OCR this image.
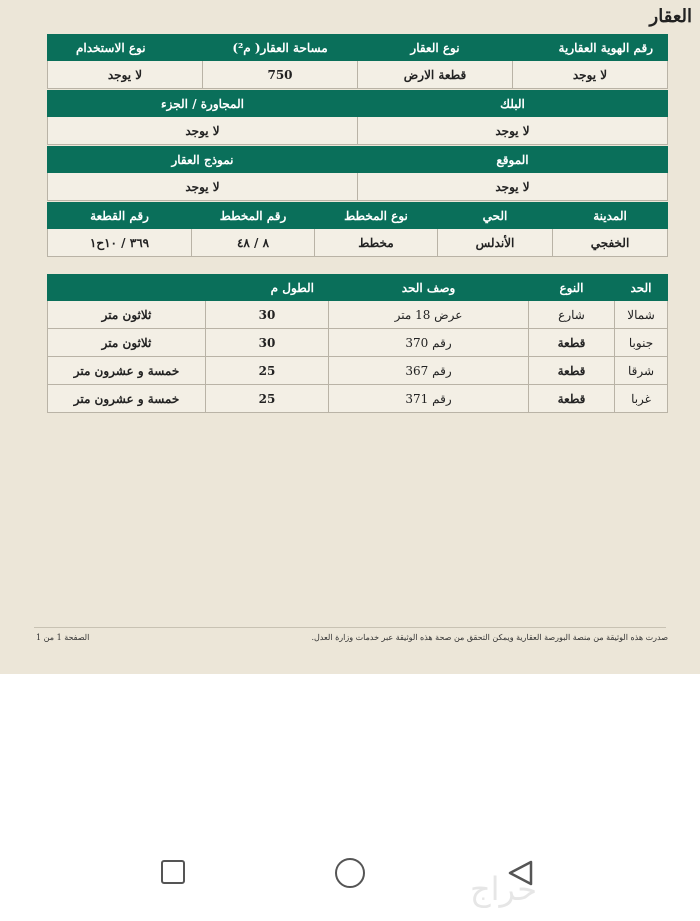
العقار
رقم الهوية العقارية	نوع العقار	مساحة العقار( م²)	نوع الاستخدام
لا يوجد	قطعة الارض	750	لا يوجد
البلك	المجاورة / الجزء
لا يوجد	لا يوجد
الموقع	نموذج العقار
لا يوجد	لا يوجد
المدينة	الحي	نوع المخطط	رقم المخطط	رقم القطعة
الخفجي	الأندلس	مخطط	٨ / ٤٨	٣٦٩ / ١٠ح١
الحد	النوع	وصف الحد	الطول م	
شمالا	شارع	عرض 18 متر	30	ثلاثون متر
جنوبا	قطعة	رقم 370	30	ثلاثون متر
شرقا	قطعة	رقم 367	25	خمسة و عشرون متر
غربا	قطعة	رقم 371	25	خمسة و عشرون متر
صدرت هذه الوثيقة من منصة البورصة العقارية ويمكن التحقق من صحة هذه الوثيقة عبر خدمات وزارة العدل.
الصفحة 1 من 1
حراج
